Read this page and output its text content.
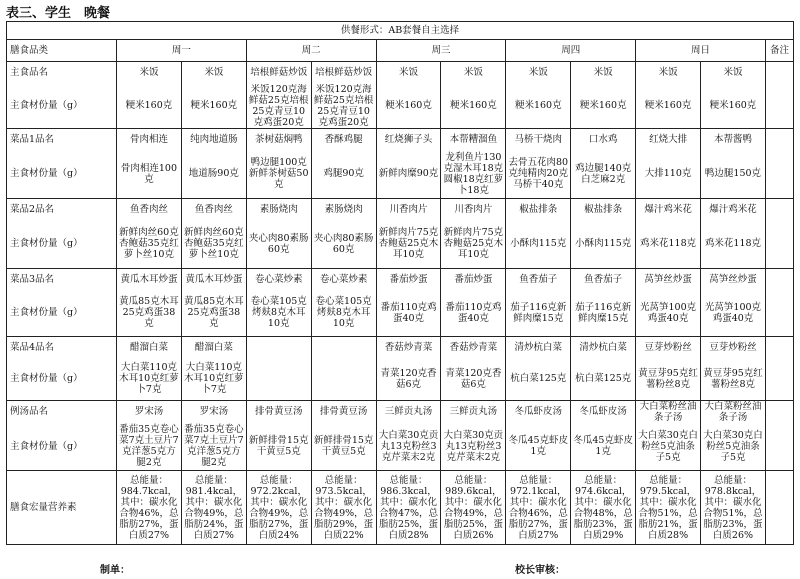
表三、学生　晚餐
供餐形式：AB套餐自主选择											
膳食品类	周一		周二		周三		周四		周日		备注
主食品名	米饭	米饭	培根鲜菇炒饭	培根鲜菇炒饭	米饭	米饭	米饭	米饭	米饭	米饭	
主食材份量（g）	粳米160克	粳米160克	米饭120克海鲜菇25克培根25克青豆10克鸡蛋20克	米饭120克海鲜菇25克培根25克青豆10克鸡蛋20克	粳米160克	粳米160克	粳米160克	粳米160克	粳米160克	粳米160克	
菜品1品名	骨肉相连	纯肉地道肠	茶树菇焖鸭	香酥鸡腿	红烧狮子头	本帮糟溜鱼	马桥干烧肉	口水鸡	红烧大排	本帮酱鸭	
主食材份量（g）	骨肉相连100克	地道肠90克	鸭边腿100克新鲜茶树菇50克	鸡腿90克	新鲜肉糜90克	龙利鱼片130克湿木耳18克圆椒18克红萝卜18克	去骨五花肉80克纯精肉20克马桥干40克	鸡边腿140克白芝麻2克	大排110克	鸭边腿150克	
菜品2品名	鱼香肉丝	鱼香肉丝	素肠烧肉	素肠烧肉	川香肉片	川香肉片	椒盐排条	椒盐排条	爆汁鸡米花	爆汁鸡米花	
主食材份量（g）	新鲜肉丝60克杏鲍菇35克红萝卜丝10克	新鲜肉丝60克杏鲍菇35克红萝卜丝10克	夹心肉80素肠60克	夹心肉80素肠60克	新鲜肉片75克杏鲍菇25克木耳10克	新鲜肉片75克杏鲍菇25克木耳10克	小酥肉115克	小酥肉115克	鸡米花118克	鸡米花118克	
菜品3品名	黄瓜木耳炒蛋	黄瓜木耳炒蛋	卷心菜炒素	卷心菜炒素	番茄炒蛋	番茄炒蛋	鱼香茄子	鱼香茄子	莴笋丝炒蛋	莴笋丝炒蛋	
主食材份量（g）	黄瓜85克木耳25克鸡蛋38克	黄瓜85克木耳25克鸡蛋38克	卷心菜105克烤麸8克木耳10克	卷心菜105克烤麸8克木耳10克	番茄110克鸡蛋40克	番茄110克鸡蛋40克	茄子116克新鲜肉糜15克	茄子116克新鲜肉糜15克	光莴笋100克鸡蛋40克	光莴笋100克鸡蛋40克	
菜品4品名	醋溜白菜	醋溜白菜			香菇炒青菜	香菇炒青菜	清炒杭白菜	清炒杭白菜	豆芽炒粉丝	豆芽炒粉丝	
主食材份量（g）	大白菜110克木耳10克红萝卜7克	大白菜110克木耳10克红萝卜7克			青菜120克香菇6克	青菜120克香菇6克	杭白菜125克	杭白菜125克	黄豆芽95克红薯粉丝8克	黄豆芽95克红薯粉丝8克	
例汤品名	罗宋汤	罗宋汤	排骨黄豆汤	排骨黄豆汤	三鲜贡丸汤	三鲜贡丸汤	冬瓜虾皮汤	冬瓜虾皮汤	大白菜粉丝油条子汤	大白菜粉丝油条子汤	
主食材份量（g）	番茄35克卷心菜7克土豆片7克洋葱5克方腿2克	番茄35克卷心菜7克土豆片7克洋葱5克方腿2克	新鲜排骨15克干黄豆5克	新鲜排骨15克干黄豆5克	大白菜30克贡丸13克粉丝3克芹菜末2克	大白菜30克贡丸13克粉丝3克芹菜末2克	冬瓜45克虾皮1克	冬瓜45克虾皮1克	大白菜30克白粉丝5克油条子5克	大白菜30克白粉丝5克油条子5克	
膳食宏量营养素	总能量：984.7kcal，其中：碳水化合物46%，总脂肪27%，蛋白质27%	总能量：981.4kcal，其中：碳水化合物49%，总脂肪24%，蛋白质27%	总能量：972.2kcal，其中：碳水化合物49%，总脂肪27%，蛋白质24%	总能量：973.5kcal，其中：碳水化合物49%，总脂肪29%，蛋白质22%	总能量：986.3kcal，其中：碳水化合物47%，总脂肪25%，蛋白质28%	总能量：989.6kcal，其中：碳水化合物49%，总脂肪25%，蛋白质26%	总能量：972.1kcal，其中：碳水化合物46%，总脂肪27%，蛋白质27%	总能量：974.6kcal，其中：碳水化合物48%，总脂肪23%，蛋白质29%	总能量：979.5kcal，其中：碳水化合物51%，总脂肪21%，蛋白质28%	总能量：978.8kcal，其中：碳水化合物51%，总脂肪23%，蛋白质26%	
制单：	校长审核：
